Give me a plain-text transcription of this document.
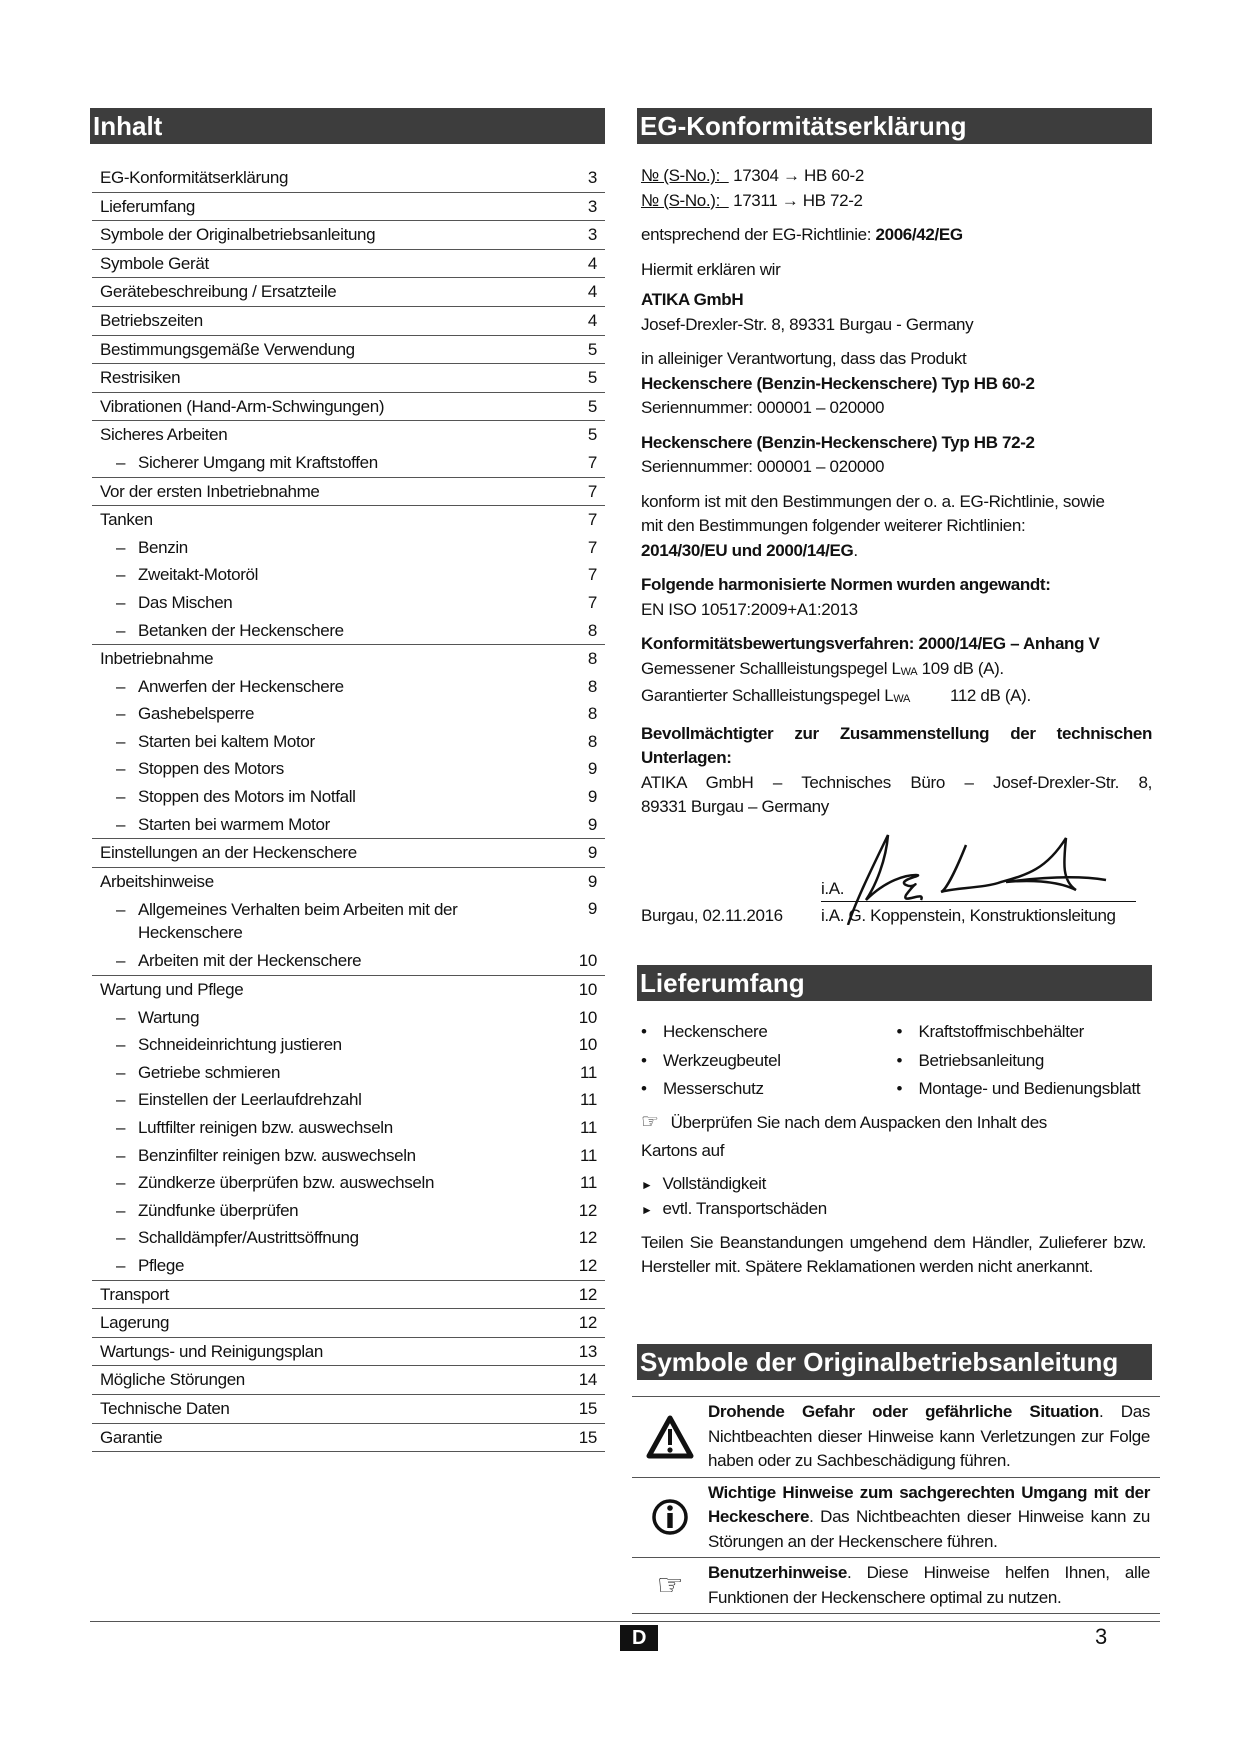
Inhalt
EG-Konformitätserklärung	3
Lieferumfang	3
Symbole der Originalbetriebsanleitung	3
Symbole Gerät	4
Gerätebeschreibung / Ersatzteile	4
Betriebszeiten	4
Bestimmungsgemäße Verwendung	5
Restrisiken	5
Vibrationen (Hand-Arm-Schwingungen)	5
Sicheres Arbeiten	5
– Sicherer Umgang mit Kraftstoffen	7
Vor der ersten Inbetriebnahme	7
Tanken	7
– Benzin	7
– Zweitakt-Motoröl	7
– Das Mischen	7
– Betanken der Heckenschere	8
Inbetriebnahme	8
– Anwerfen der Heckenschere	8
– Gashebelsperre	8
– Starten bei kaltem Motor	8
– Stoppen des Motors	9
– Stoppen des Motors im Notfall	9
– Starten bei warmem Motor	9
Einstellungen an der Heckenschere	9
Arbeitshinweise	9
– Allgemeines Verhalten beim Arbeiten mit der Heckenschere
9
– Arbeiten mit der Heckenschere	10
Wartung und Pflege	10
– Wartung	10
– Schneideinrichtung justieren	10
– Getriebe schmieren	11
– Einstellen der Leerlaufdrehzahl	11
– Luftfilter reinigen bzw. auswechseln	11
– Benzinfilter reinigen bzw. auswechseln	11
– Zündkerze überprüfen bzw. auswechseln	11
– Zündfunke überprüfen	12
– Schalldämpfer/Austrittsöffnung	12
– Pflege	12
Transport	12
Lagerung	12
Wartungs- und Reinigungsplan	13
Mögliche Störungen	14
Technische Daten	15
Garantie	15
EG-Konformitätserklärung
№ (S-No.): 17304 → HB 60-2
№ (S-No.): 17311 → HB 72-2
entsprechend der EG-Richtlinie: 2006/42/EG
Hiermit erklären wir
ATIKA GmbH
Josef-Drexler-Str. 8, 89331 Burgau - Germany
in alleiniger Verantwortung, dass das Produkt
Heckenschere (Benzin-Heckenschere) Typ HB 60-2
Seriennummer: 000001 – 020000
Heckenschere (Benzin-Heckenschere) Typ HB 72-2
Seriennummer: 000001 – 020000
konform ist mit den Bestimmungen der o. a. EG-Richtlinie, sowie
mit den Bestimmungen folgender weiterer Richtlinien:
2014/30/EU und 2000/14/EG.
Folgende harmonisierte Normen wurden angewandt:
EN ISO 10517:2009+A1:2013
Konformitätsbewertungsverfahren: 2000/14/EG – Anhang V
Gemessener Schallleistungspegel $L_{WA}$ 109 dB (A).
Garantierter Schallleistungspegel $L_{WA}$ 112 dB (A).
Bevollmächtigter zur Zusammenstellung der technischen
Unterlagen:
ATIKA GmbH – Technisches Büro – Josef-Drexler-Str. 8,
89331 Burgau – Germany
i.A.
Burgau, 02.11.2016 i.A. G. Koppenstein, Konstruktionsleitung
Lieferumfang
• Heckenschere	• Kraftstoffmischbehälter
• Werkzeugbeutel	• Betriebsanleitung
• Messerschutz	• Montage- und Bedienungsblatt
☞ Überprüfen Sie nach dem Auspacken den Inhalt des
Kartons auf
► Vollständigkeit
► evtl. Transportschäden
Teilen Sie Beanstandungen umgehend dem Händler, Zulieferer bzw. Hersteller mit. Spätere Reklamationen werden nicht anerkannt.
Symbole der Originalbetriebsanleitung
Drohende Gefahr oder gefährliche Situation. Das Nichtbeachten dieser Hinweise kann Verletzungen zur Folge haben oder zu Sachbeschädigung führen.
Wichtige Hinweise zum sachgerechten Umgang mit der Heckeschere. Das Nichtbeachten dieser Hinweise kann zu Störungen an der Heckenschere führen.
☞	Benutzerhinweise. Diese Hinweise helfen Ihnen, alle Funktionen der Heckenschere optimal zu nutzen.
D	3
